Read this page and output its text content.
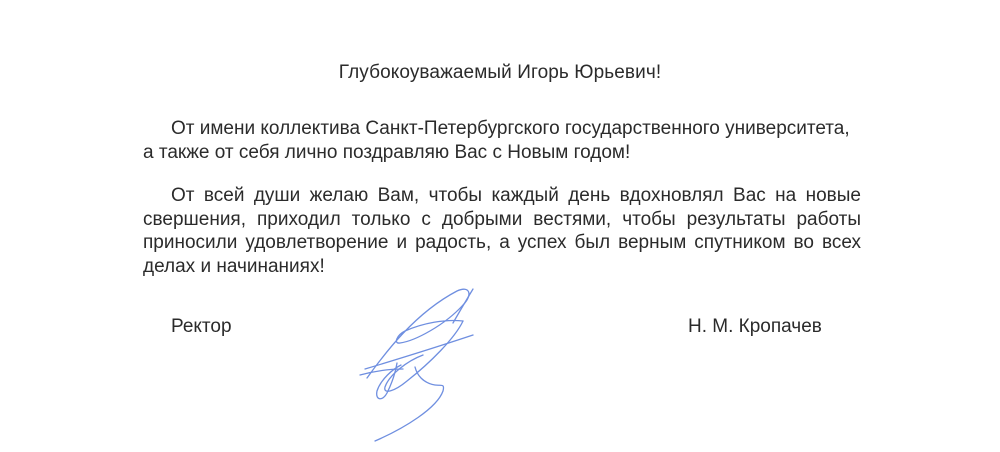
Глубокоуважаемый Игорь Юрьевич!

От имени коллектива Санкт-Петербургского государственного университета, а также от себя лично поздравляю Вас с Новым годом!

От всей души желаю Вам, чтобы каждый день вдохновлял Вас на новые свершения, приходил только с добрыми вестями, чтобы результаты работы приносили удовлетворение и радость, а успех был верным спутником во всех делах и начинаниях!

Ректор	Н. М. Кропачев
